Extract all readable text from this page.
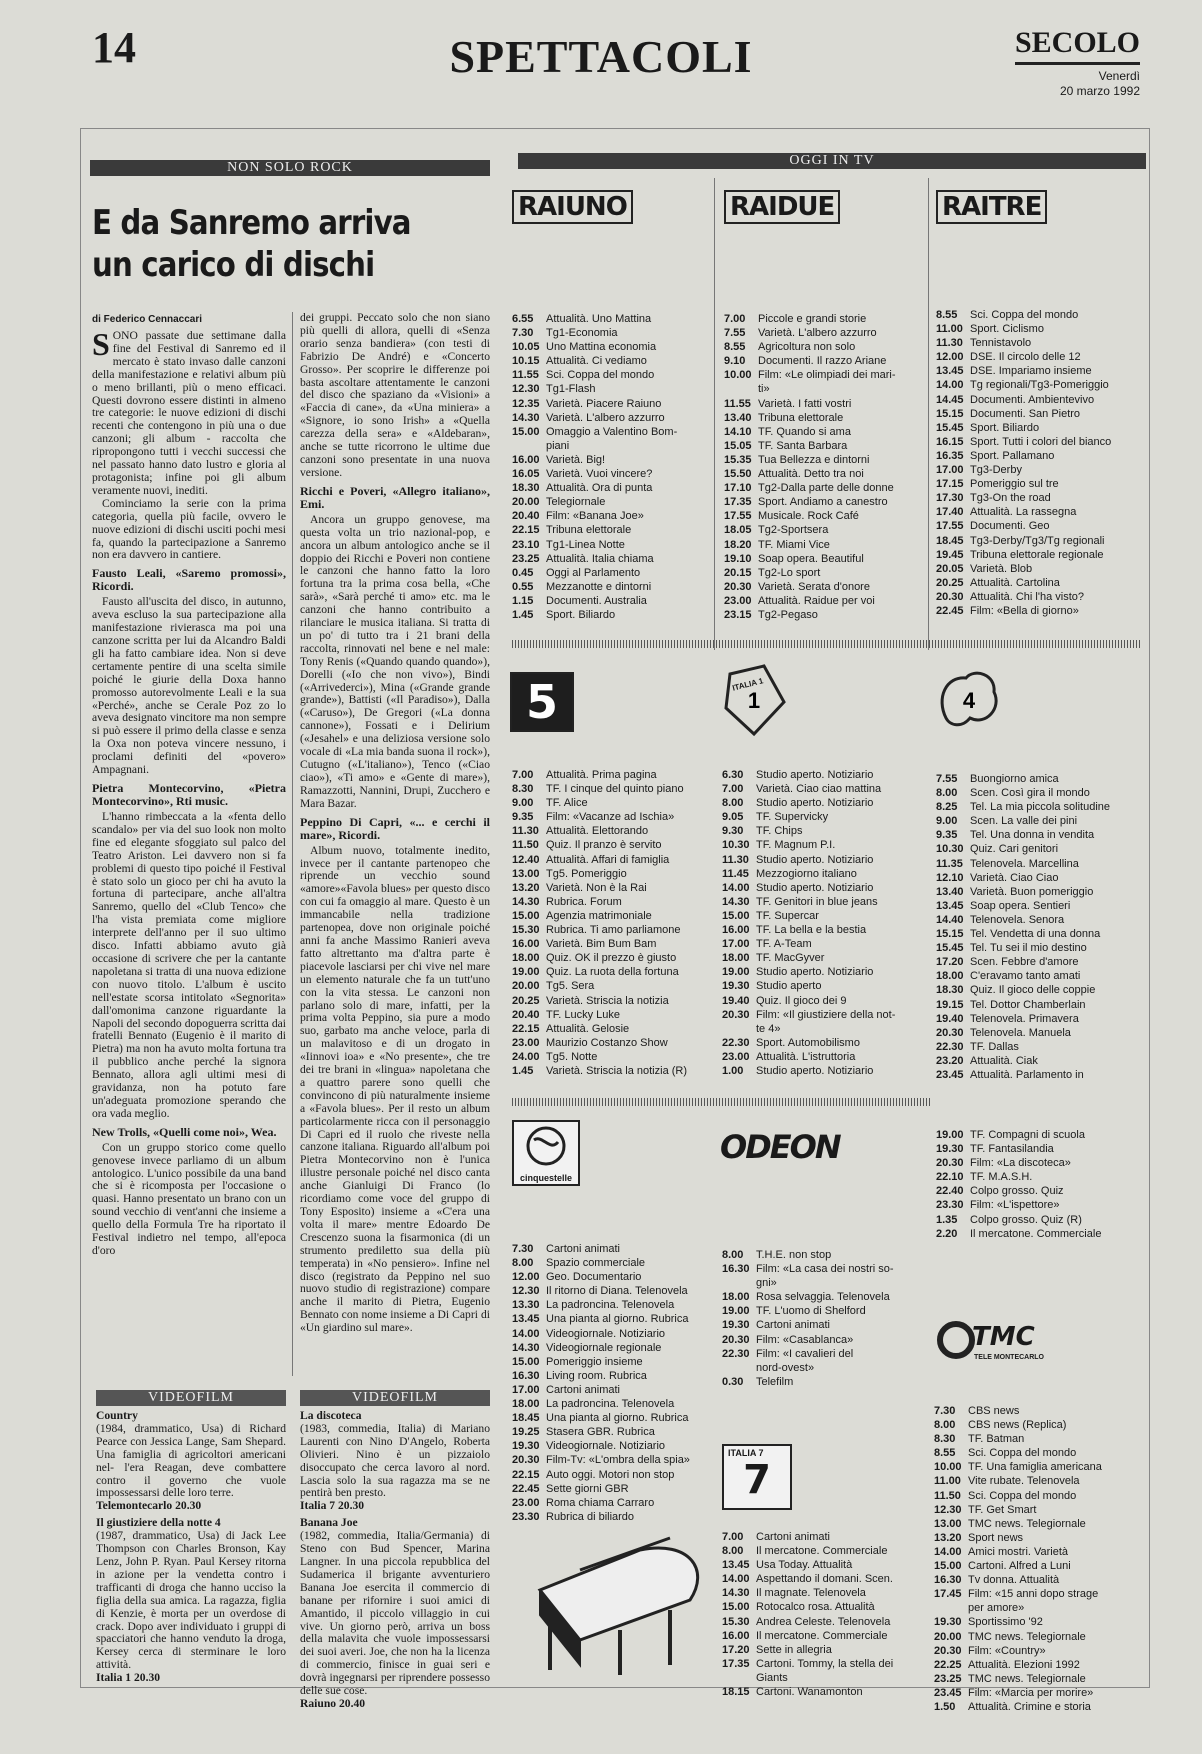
14	SPETTACOLI	SECOLO
Venerdì
20 marzo 1992
NON SOLO ROCK
E da Sanremo arriva
un carico di dischi
di Federico Cennaccari
S ONO passate due settimane dalla fine del Festival di Sanremo ed il mercato è stato invaso dalle canzoni della manifestazione e relativi album più o meno brillanti, più o meno efficaci. Questi dovrono essere distinti in almeno tre categorie: le nuove edizioni di dischi recenti che contengono in più una o due canzoni; gli album - raccolta che ripropongono tutti i vecchi successi che nel passato hanno dato lustro e gloria al protagonista; infine poi gli album veramente nuovi, inediti.

Cominciamo la serie con la prima categoria, quella più facile, ovvero le nuove edizioni di dischi usciti pochi mesi fa, quando la partecipazione a Sanremo non era davvero in cantiere.

Fausto Leali, «Saremo promossi», Ricordi.

Fausto all'uscita del disco, in autunno, aveva escluso la sua partecipazione alla manifestazione rivierasca ma poi una canzone scritta per lui da Alcandro Baldi gli ha fatto cambiare idea. Non si deve certamente pentire di una scelta simile poiché le giurie della Doxa hanno promosso autorevolmente Leali e la sua «Perché», anche se Cerale Poz zo lo aveva designato vincitore ma non sempre si può essere il primo della classe e senza la Oxa non poteva vincere nessuno, i proclami definiti del «povero» Ampagnani.

Pietra Montecorvino, «Pietra Montecorvino», Rti music.

L'hanno rimbeccata a la «fenta dello scandalo» per via del suo look non molto fine ed elegante sfoggiato sul palco del Teatro Ariston. Lei davvero non si fa problemi di questo tipo poiché il Festival è stato solo un gioco per chi ha avuto la fortuna di partecipare, anche all'altra Sanremo, quello del «Club Tenco» che l'ha vista premiata come migliore interprete dell'anno per il suo ultimo disco. Infatti abbiamo avuto già occasione di scrivere che per la cantante napoletana si tratta di una nuova edizione con nuovo titolo. L'album è uscito nell'estate scorsa intitolato «Segnorita» dall'omonima canzone riguardante la Napoli del secondo dopoguerra scritta dai fratelli Bennato (Eugenio è il marito di Pietra) ma non ha avuto molta fortuna tra il pubblico anche perché la signora Bennato, allora agli ultimi mesi di gravidanza, non ha potuto fare un'adeguata promozione sperando che ora vada meglio.

New Trolls, «Quelli come noi», Wea.

Con un gruppo storico come quello genovese invece parliamo di un album antologico. L'unico possibile da una band che si è ricomposta per l'occasione o quasi. Hanno presentato un brano con un sound vecchio di vent'anni che insieme a quello della Formula Tre ha riportato il Festival indietro nel tempo, all'epoca d'oro

dei gruppi. Peccato solo che non siano più quelli di allora, quelli di «Senza orario senza bandiera» (con testi di Fabrizio De André) e «Concerto Grosso». Per scoprire le differenze poi basta ascoltare attentamente le canzoni del disco che spaziano da «Visioni» a «Faccia di cane», da «Una miniera» a «Signore, io sono Irish» a «Quella carezza della sera» e «Aldebaran», anche se tutte ricorrono le ultime due canzoni sono presentate in una nuova versione.

Ricchi e Poveri, «Allegro italiano», Emi.

Ancora un gruppo genovese, ma questa volta un trio nazional-pop, e ancora un album antologico anche se il doppio dei Ricchi e Poveri non contiene le canzoni che hanno fatto la loro fortuna tra la prima cosa bella, «Che sarà», «Sarà perché ti amo» etc. ma le canzoni che hanno contribuito a rilanciare le musica italiana. Si tratta di un po' di tutto tra i 21 brani della raccolta, rinnovati nel bene e nel male: Tony Renis («Quando quando quando»), Dorelli («Io che non vivo»), Bindi («Arrivederci»), Mina («Grande grande grande»), Battisti («Il Paradiso»), Dalla («Caruso»), De Gregori («La donna cannone»), Fossati e i Delirium («Jesahel» e una deliziosa versione solo vocale di «La mia banda suona il rock»), Cutugno («L'italiano»), Tenco («Ciao ciao»), «Ti amo» e «Gente di mare»), Ramazzotti, Nannini, Drupi, Zucchero e Mara Bazar.

Peppino Di Capri, «... e cerchi il mare», Ricordi.

Album nuovo, totalmente inedito, invece per il cantante partenopeo che riprende un vecchio sound «amore»«Favola blues» per questo disco con cui fa omaggio al mare. Questo è un immancabile nella tradizione partenopea, dove non originale poiché anni fa anche Massimo Ranieri aveva fatto altrettanto ma d'altra parte è piacevole lasciarsi per chi vive nel mare un elemento naturale che fa un tutt'uno con la vita stessa. Le canzoni non parlano solo di mare, infatti, per la prima volta Peppino, sia pure a modo suo, garbato ma anche veloce, parla di un malavitoso e di un drogato in «Iinnovi ioa» e «No presente», che tre dei tre brani in «lingua» napoletana che a quattro parere sono quelli che convincono di più naturalmente insieme a «Favola blues». Per il resto un album particolarmente ricca con il personaggio Di Capri ed il ruolo che riveste nella canzone italiana. Riguardo all'album poi Pietra Montecorvino non è l'unica illustre personale poiché nel disco canta anche Gianluigi Di Franco (lo ricordiamo come voce del gruppo di Tony Esposito) insieme a «C'era una volta il mare» mentre Edoardo De Crescenzo suona la fisarmonica (di un strumento prediletto sua della più temperata) in «No pensiero». Infine nel disco (registrato da Peppino nel suo nuovo studio di registrazione) compare anche il marito di Pietra, Eugenio Bennato con nome insieme a Di Capri di «Un giardino sul mare».

VIDEOFILM
Country
(1984, drammatico, Usa) di Richard Pearce con Jessica Lange, Sam Shepard. Una famiglia di agricoltori americani nel- l'era Reagan, deve combattere contro il governo che vuole impossessarsi delle loro terre.
Telemontecarlo 20.30
Il giustiziere della notte 4
(1987, drammatico, Usa) di Jack Lee Thompson con Charles Bronson, Kay Lenz, John P. Ryan. Paul Kersey ritorna in azione per la vendetta contro i trafficanti di droga che hanno ucciso la figlia della sua amica. La ragazza, figlia di Kenzie, è morta per un overdose di crack. Dopo aver individuato i gruppi di spacciatori che hanno venduto la droga, Kersey cerca di sterminare le loro attività.
Italia 1 20.30
VIDEOFILM
La discoteca
(1983, commedia, Italia) di Mariano Laurenti con Nino D'Angelo, Roberta Olivieri. Nino è un pizzaiolo disoccupato che cerca lavoro al nord. Lascia solo la sua ragazza ma se ne pentirà ben presto.
Italia 7 20.30
Banana Joe
(1982, commedia, Italia/Germania) di Steno con Bud Spencer, Marina Langner. In una piccola repubblica del Sudamerica il brigante avventuriero Banana Joe esercita il commercio di banane per rifornire i suoi amici di Amantido, il piccolo villaggio in cui vive. Un giorno però, arriva un boss della malavita che vuole impossessarsi dei suoi averi. Joe, che non ha la licenza di commercio, finisce in guai seri e dovrà ingegnarsi per riprendere possesso delle sue cose.
Raiuno 20.40
OGGI IN TV
RAIUNO	RAIDUE	RAITRE
6.55 Attualità. Uno Mattina
7.30 Tg1-Economia
10.05 Uno Mattina economia
10.15 Attualità. Ci vediamo
11.55 Sci. Coppa del mondo
12.30 Tg1-Flash
12.35 Varietà. Piacere Raiuno
14.30 Varietà. L'albero azzurro
15.00 Omaggio a Valentino Bom-
piani
16.00 Varietà. Big!
16.05 Varietà. Vuoi vincere?
18.30 Attualità. Ora di punta
20.00 Telegiornale
20.40 Film: «Banana Joe»
22.15 Tribuna elettorale
23.10 Tg1-Linea Notte
23.25 Attualità. Italia chiama
0.45 Oggi al Parlamento
0.55 Mezzanotte e dintorni
1.15 Documenti. Australia
1.45 Sport. Biliardo
7.00 Piccole e grandi storie
7.55 Varietà. L'albero azzurro
8.55 Agricoltura non solo
9.10 Documenti. Il razzo Ariane
10.00 Film: «Le olimpiadi dei mari-
ti»
11.55 Varietà. I fatti vostri
13.40 Tribuna elettorale
14.10 TF. Quando si ama
15.05 TF. Santa Barbara
15.35 Tua Bellezza e dintorni
15.50 Attualità. Detto tra noi
17.10 Tg2-Dalla parte delle donne
17.35 Sport. Andiamo a canestro
17.55 Musicale. Rock Café
18.05 Tg2-Sportsera
18.20 TF. Miami Vice
19.10 Soap opera. Beautiful
20.15 Tg2-Lo sport
20.30 Varietà. Serata d'onore
23.00 Attualità. Raidue per voi
23.15 Tg2-Pegaso
8.55 Sci. Coppa del mondo
11.00 Sport. Ciclismo
11.30 Tennistavolo
12.00 DSE. Il circolo delle 12
13.45 DSE. Impariamo insieme
14.00 Tg regionali/Tg3-Pomeriggio
14.45 Documenti. Ambientevivo
15.15 Documenti. San Pietro
15.45 Sport. Biliardo
16.15 Sport. Tutti i colori del bianco
16.35 Sport. Pallamano
17.00 Tg3-Derby
17.15 Pomeriggio sul tre
17.30 Tg3-On the road
17.40 Attualità. La rassegna
17.55 Documenti. Geo
18.45 Tg3-Derby/Tg3/Tg regionali
19.45 Tribuna elettorale regionale
20.05 Varietà. Blob
20.25 Attualità. Cartolina
20.30 Attualità. Chi l'ha visto?
22.45 Film: «Bella di giorno»
5	1
ITALIA 1
4
7.00 Attualità. Prima pagina
8.30 TF. I cinque del quinto piano
9.00 TF. Alice
9.35 Film: «Vacanze ad Ischia»
11.30 Attualità. Elettorando
11.50 Quiz. Il pranzo è servito
12.40 Attualità. Affari di famiglia
13.00 Tg5. Pomeriggio
13.20 Varietà. Non è la Rai
14.30 Rubrica. Forum
15.00 Agenzia matrimoniale
15.30 Rubrica. Ti amo parliamone
16.00 Varietà. Bim Bum Bam
18.00 Quiz. OK il prezzo è giusto
19.00 Quiz. La ruota della fortuna
20.00 Tg5. Sera
20.25 Varietà. Striscia la notizia
20.40 TF. Lucky Luke
22.15 Attualità. Gelosie
23.00 Maurizio Costanzo Show
24.00 Tg5. Notte
1.45 Varietà. Striscia la notizia (R)
6.30 Studio aperto. Notiziario
7.00 Varietà. Ciao ciao mattina
8.00 Studio aperto. Notiziario
9.05 TF. Supervicky
9.30 TF. Chips
10.30 TF. Magnum P.I.
11.30 Studio aperto. Notiziario
11.45 Mezzogiorno italiano
14.00 Studio aperto. Notiziario
14.30 TF. Genitori in blue jeans
15.00 TF. Supercar
16.00 TF. La bella e la bestia
17.00 TF. A-Team
18.00 TF. MacGyver
19.00 Studio aperto. Notiziario
19.30 Studio aperto
19.40 Quiz. Il gioco dei 9
20.30 Film: «Il giustiziere della not-
te 4»
22.30 Sport. Automobilismo
23.00 Attualità. L'istruttoria
1.00 Studio aperto. Notiziario
7.55 Buongiorno amica
8.00 Scen. Così gira il mondo
8.25 Tel. La mia piccola solitudine
9.00 Scen. La valle dei pini
9.35 Tel. Una donna in vendita
10.30 Quiz. Cari genitori
11.35 Telenovela. Marcellina
12.10 Varietà. Ciao Ciao
13.40 Varietà. Buon pomeriggio
13.45 Soap opera. Sentieri
14.40 Telenovela. Senora
15.15 Tel. Vendetta di una donna
15.45 Tel. Tu sei il mio destino
17.20 Scen. Febbre d'amore
18.00 C'eravamo tanto amati
18.30 Quiz. Il gioco delle coppie
19.15 Tel. Dottor Chamberlain
19.40 Telenovela. Primavera
20.30 Telenovela. Manuela
22.30 TF. Dallas
23.20 Attualità. Ciak
23.45 Attualità. Parlamento in
cinquestelle
7.30 Cartoni animati
8.00 Spazio commerciale
12.00 Geo. Documentario
12.30 Il ritorno di Diana. Telenovela
13.30 La padroncina. Telenovela
13.45 Una pianta al giorno. Rubrica
14.00 Videogiornale. Notiziario
14.30 Videogiornale regionale
15.00 Pomeriggio insieme
16.30 Living room. Rubrica
17.00 Cartoni animati
18.00 La padroncina. Telenovela
18.45 Una pianta al giorno. Rubrica
19.25 Stasera GBR. Rubrica
19.30 Videogiornale. Notiziario
20.30 Film-Tv: «L'ombra della spia»
22.15 Auto oggi. Motori non stop
22.45 Sette giorni GBR
23.00 Roma chiama Carraro
23.30 Rubrica di biliardo
ODEON
8.00 T.H.E. non stop
16.30 Film: «La casa dei nostri so-
gni»
18.00 Rosa selvaggia. Telenovela
19.00 TF. L'uomo di Shelford
19.30 Cartoni animati
20.30 Film: «Casablanca»
22.30 Film: «I cavalieri del
nord-ovest»
0.30 Telefilm
19.00 TF. Compagni di scuola
19.30 TF. Fantasilandia
20.30 Film: «La discoteca»
22.10 TF. M.A.S.H.
22.40 Colpo grosso. Quiz
23.30 Film: «L'ispettore»
1.35 Colpo grosso. Quiz (R)
2.20 Il mercatone. Commerciale
ITALIA 7
7
7.00 Cartoni animati
8.00 Il mercatone. Commerciale
13.45 Usa Today. Attualità
14.00 Aspettando il domani. Scen.
14.30 Il magnate. Telenovela
15.00 Rotocalco rosa. Attualità
15.30 Andrea Celeste. Telenovela
16.00 Il mercatone. Commerciale
17.20 Sette in allegria
17.35 Cartoni. Tommy, la stella dei
Giants
18.15 Cartoni. Wanamonton
TMC
TELE MONTECARLO
7.30 CBS news
8.00 CBS news (Replica)
8.30 TF. Batman
8.55 Sci. Coppa del mondo
10.00 TF. Una famiglia americana
11.00 Vite rubate. Telenovela
11.50 Sci. Coppa del mondo
12.30 TF. Get Smart
13.00 TMC news. Telegiornale
13.20 Sport news
14.00 Amici mostri. Varietà
15.00 Cartoni. Alfred a Luni
16.30 Tv donna. Attualità
17.45 Film: «15 anni dopo strage
per amore»
19.30 Sportissimo '92
20.00 TMC news. Telegiornale
20.30 Film: «Country»
22.25 Attualità. Elezioni 1992
23.25 TMC news. Telegiornale
23.45 Film: «Marcia per morire»
1.50 Attualità. Crimine e storia
